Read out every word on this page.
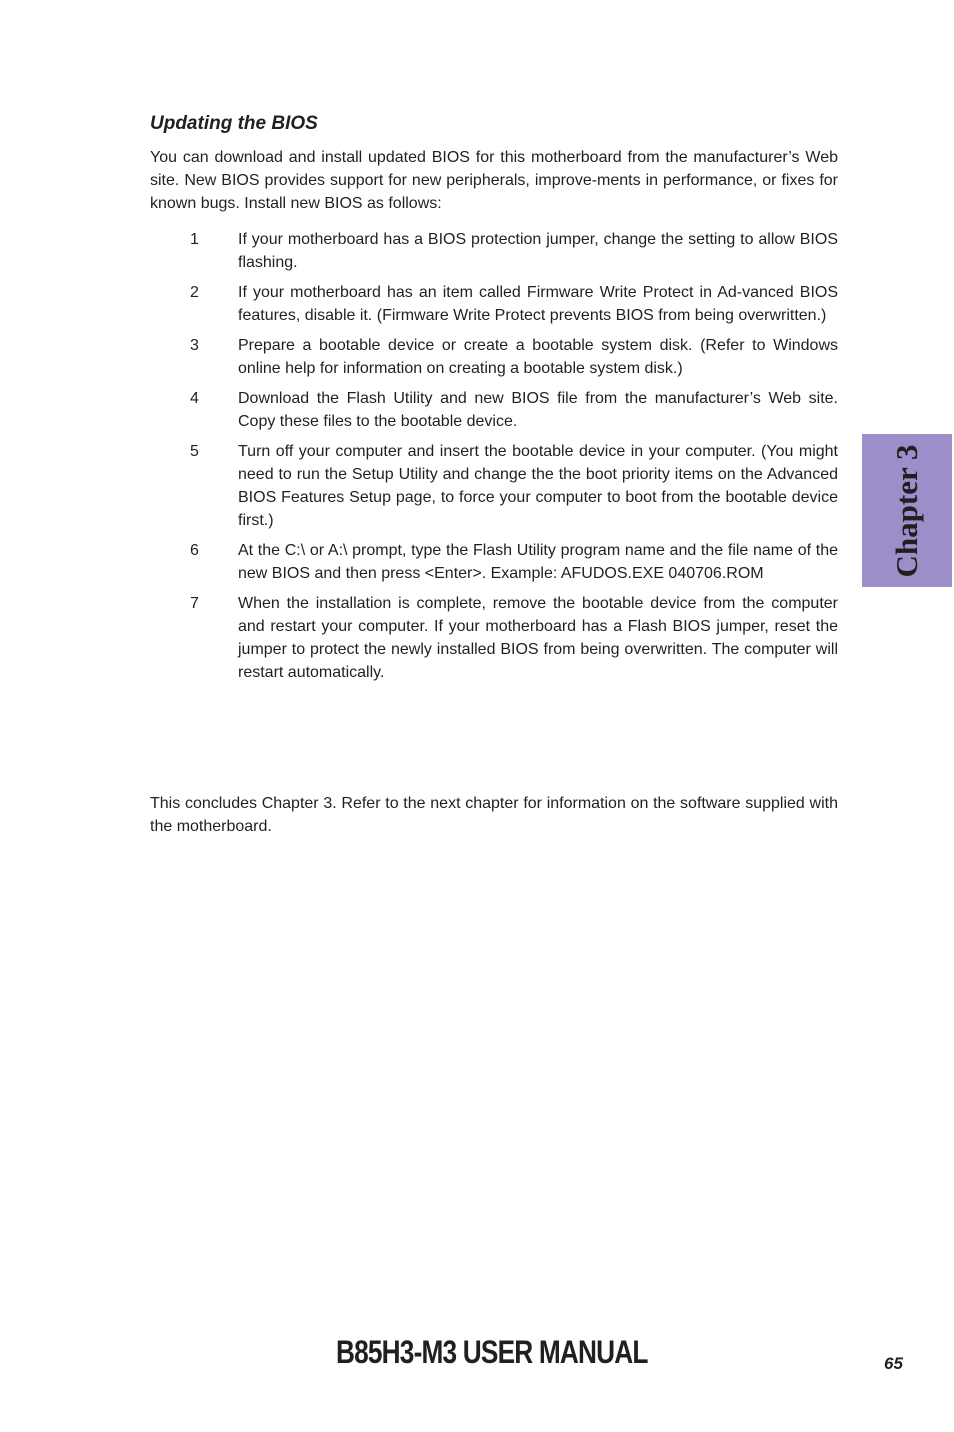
Updating the BIOS
You can download and install updated BIOS for this motherboard from the manufacturer’s Web site. New BIOS provides support for new peripherals, improve-ments in performance, or fixes for known bugs. Install new BIOS as follows:
1 If your motherboard has a BIOS protection jumper, change the setting to allow BIOS flashing.
2 If your motherboard has an item called Firmware Write Protect in Ad-vanced BIOS features, disable it. (Firmware Write Protect prevents BIOS from being overwritten.)
3 Prepare a bootable device or create a bootable system disk. (Refer to Windows online help for information on creating a bootable system disk.)
4 Download the Flash Utility and new BIOS file from the manufacturer’s Web site. Copy these files to the bootable device.
5 Turn off your computer and insert the bootable device in your computer. (You might need to run the Setup Utility and change the the boot priority items on the Advanced BIOS Features Setup page, to force your computer to boot from the bootable device first.)
6 At the C:\ or A:\ prompt, type the Flash Utility program name and the file name of the new BIOS and then press <Enter>. Example: AFUDOS.EXE 040706.ROM
7 When the installation is complete, remove the bootable device from the computer and restart your computer. If your motherboard has a Flash BIOS jumper, reset the jumper to protect the newly installed BIOS from being overwritten. The computer will restart automatically.
This concludes Chapter 3. Refer to the next chapter for information on the software supplied with the motherboard.
Chapter 3
B85H3-M3 USER MANUAL	65
